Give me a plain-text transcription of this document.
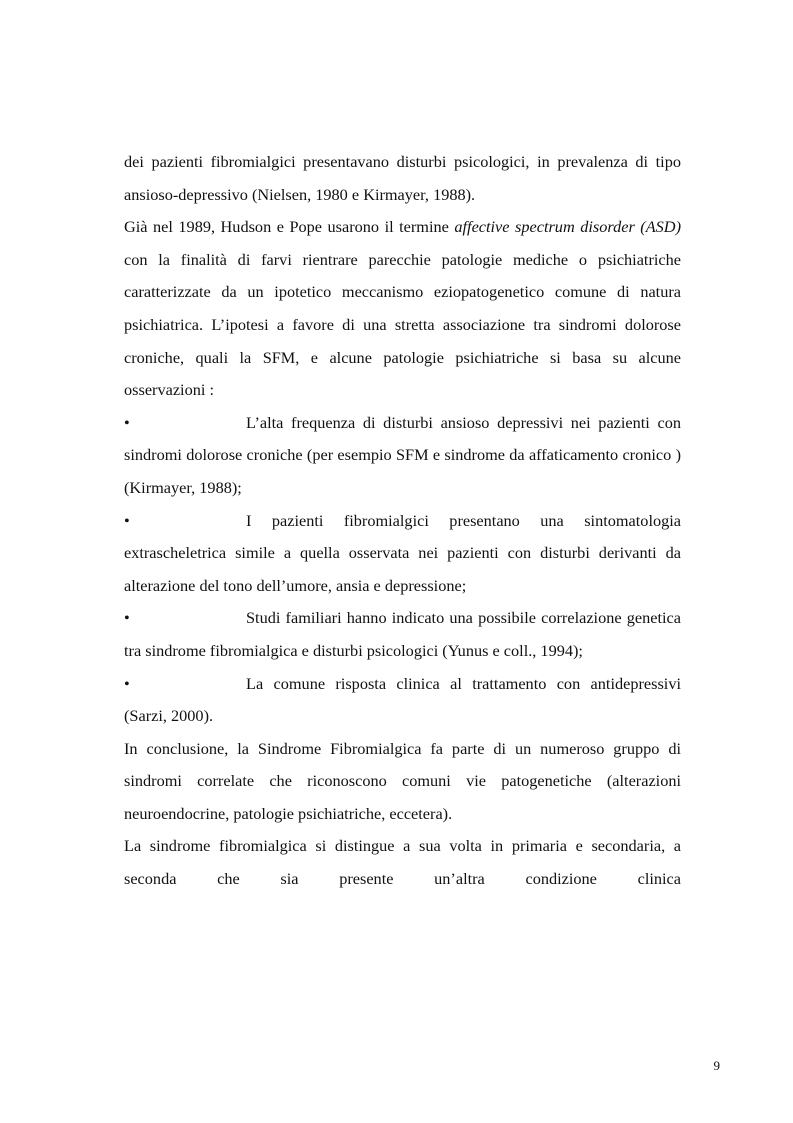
dei pazienti fibromialgici presentavano disturbi psicologici, in prevalenza di tipo ansioso-depressivo (Nielsen, 1980 e Kirmayer, 1988).

Già nel 1989, Hudson e Pope usarono il termine affective spectrum disorder (ASD) con la finalità di farvi rientrare parecchie patologie mediche o psichiatriche caratterizzate da un ipotetico meccanismo eziopatogenetico comune di natura psichiatrica. L’ipotesi a favore di una stretta associazione tra sindromi dolorose croniche, quali la SFM, e alcune patologie psichiatriche si basa su alcune osservazioni :

•	L’alta frequenza di disturbi ansioso depressivi nei pazienti con sindromi dolorose croniche (per esempio SFM e sindrome da affaticamento cronico ) (Kirmayer, 1988);

•	I pazienti fibromialgici presentano una sintomatologia extrascheletrica simile a quella osservata nei pazienti con disturbi derivanti da alterazione del tono dell’umore, ansia e depressione;

•	Studi familiari hanno indicato una possibile correlazione genetica tra sindrome fibromialgica e disturbi psicologici (Yunus e coll., 1994);

•	La comune risposta clinica al trattamento con antidepressivi (Sarzi, 2000).

In conclusione, la Sindrome Fibromialgica fa parte di un numeroso gruppo di sindromi correlate che riconoscono comuni vie patogenetiche (alterazioni neuroendocrine, patologie psichiatriche, eccetera).

La sindrome fibromialgica si distingue a sua volta in primaria e secondaria, a seconda che sia presente un’altra condizione clinica

9
